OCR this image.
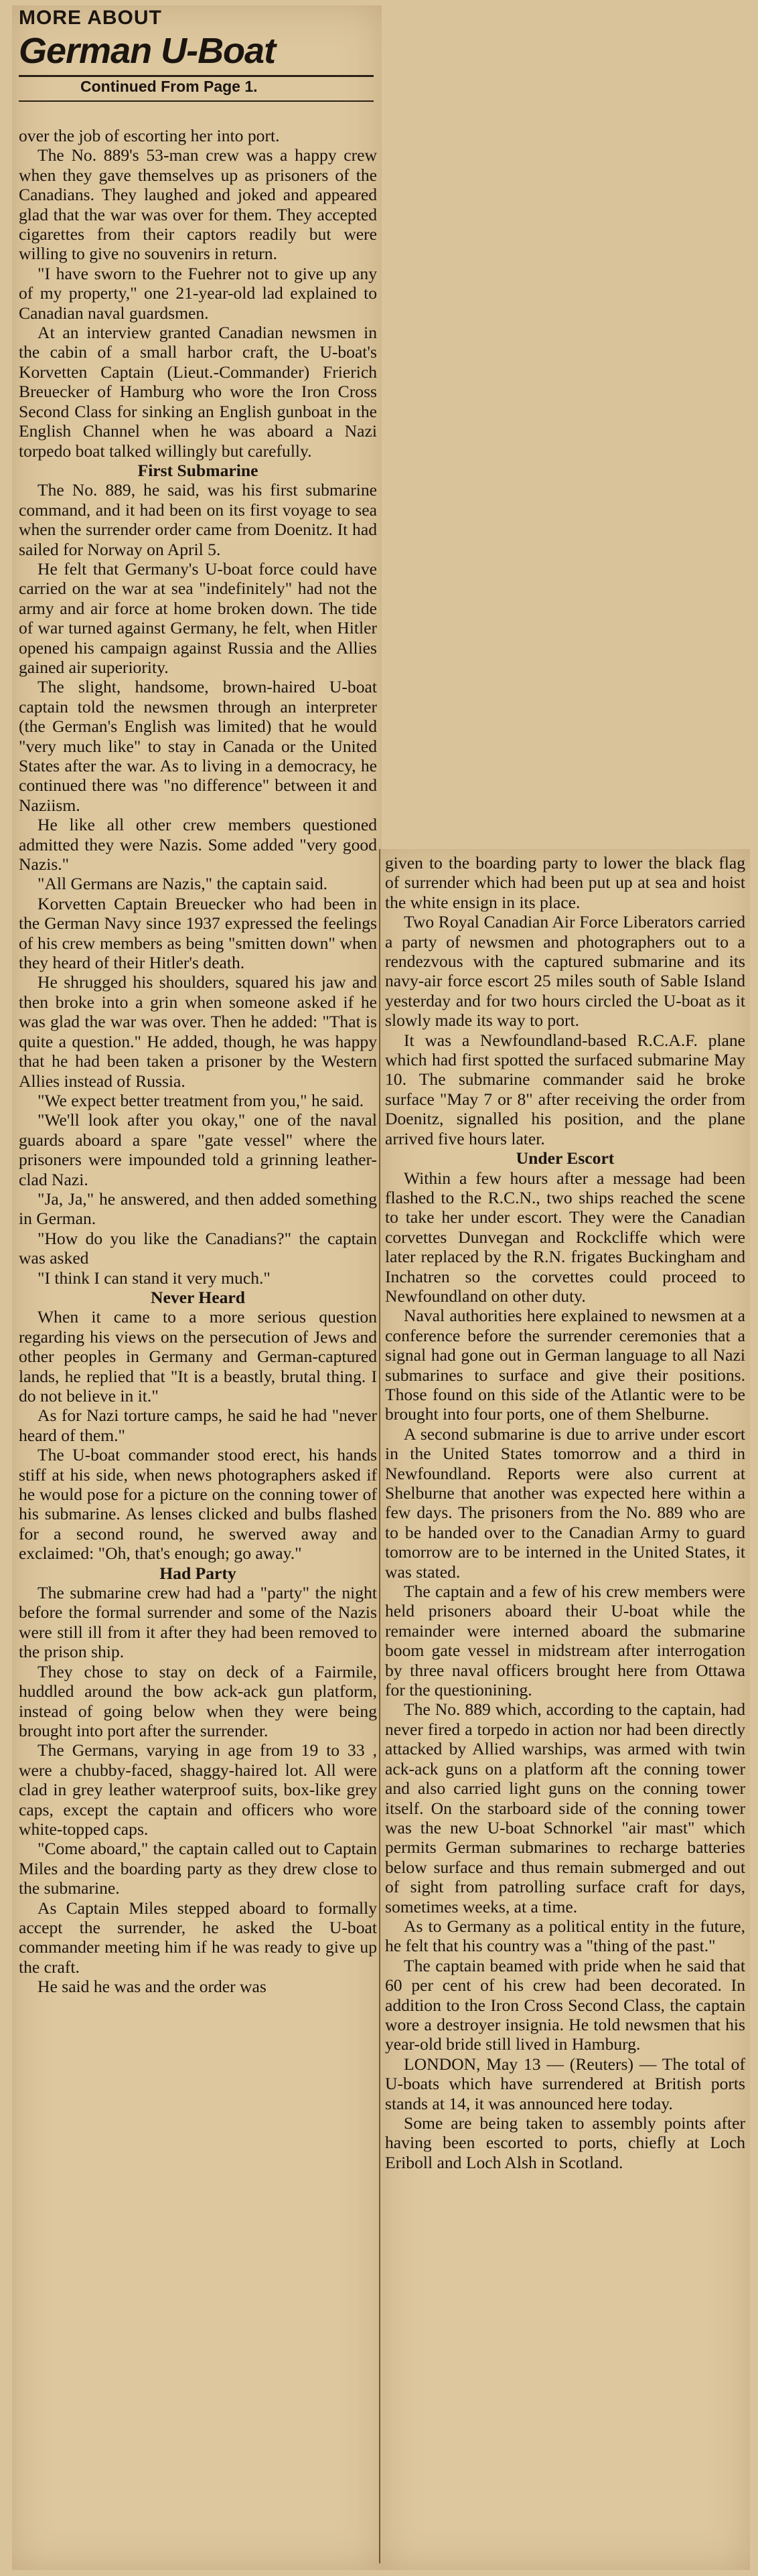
MORE ABOUT
German U-Boat
Continued From Page 1.
over the job of escorting her into port.
The No. 889's 53-man crew was a happy crew when they gave themselves up as prisoners of the Canadians. They laughed and joked and appeared glad that the war was over for them. They accepted cigarettes from their captors readily but were willing to give no souvenirs in return.
"I have sworn to the Fuehrer not to give up any of my property," one 21-year-old lad explained to Canadian naval guardsmen.
At an interview granted Canadian newsmen in the cabin of a small harbor craft, the U-boat's Korvetten Captain (Lieut.-Commander) Frierich Breuecker of Hamburg who wore the Iron Cross Second Class for sinking an English gunboat in the English Channel when he was aboard a Nazi torpedo boat talked willingly but carefully.
First Submarine
The No. 889, he said, was his first submarine command, and it had been on its first voyage to sea when the surrender order came from Doenitz. It had sailed for Norway on April 5.
He felt that Germany's U-boat force could have carried on the war at sea "indefinitely" had not the army and air force at home broken down. The tide of war turned against Germany, he felt, when Hitler opened his campaign against Russia and the Allies gained air superiority.
The slight, handsome, brown-haired U-boat captain told the newsmen through an interpreter (the German's English was limited) that he would "very much like" to stay in Canada or the United States after the war. As to living in a democracy, he continued there was "no difference" between it and Naziism.
He like all other crew members questioned admitted they were Nazis. Some added "very good Nazis."
"All Germans are Nazis," the captain said.
Korvetten Captain Breuecker who had been in the German Navy since 1937 expressed the feelings of his crew members as being "smitten down" when they heard of their Hitler's death.
He shrugged his shoulders, squared his jaw and then broke into a grin when someone asked if he was glad the war was over. Then he added: "That is quite a question." He added, though, he was happy that he had been taken a prisoner by the Western Allies instead of Russia.
"We expect better treatment from you," he said.
"We'll look after you okay," one of the naval guards aboard a spare "gate vessel" where the prisoners were impounded told a grinning leather-clad Nazi.
"Ja, Ja," he answered, and then added something in German.
"How do you like the Canadians?" the captain was asked
"I think I can stand it very much."
Never Heard
When it came to a more serious question regarding his views on the persecution of Jews and other peoples in Germany and German-captured lands, he replied that "It is a beastly, brutal thing. I do not believe in it."
As for Nazi torture camps, he said he had "never heard of them."
The U-boat commander stood erect, his hands stiff at his side, when news photographers asked if he would pose for a picture on the conning tower of his submarine. As lenses clicked and bulbs flashed for a second round, he swerved away and exclaimed: "Oh, that's enough; go away."
Had Party
The submarine crew had had a "party" the night before the formal surrender and some of the Nazis were still ill from it after they had been removed to the prison ship.
They chose to stay on deck of a Fairmile, huddled around the bow ack-ack gun platform, instead of going below when they were being brought into port after the surrender.
The Germans, varying in age from 19 to 33 , were a chubby-faced, shaggy-haired lot. All were clad in grey leather waterproof suits, box-like grey caps, except the captain and officers who wore white-topped caps.
"Come aboard," the captain called out to Captain Miles and the boarding party as they drew close to the submarine.
As Captain Miles stepped aboard to formally accept the surrender, he asked the U-boat commander meeting him if he was ready to give up the craft.
He said he was and the order was
given to the boarding party to lower the black flag of surrender which had been put up at sea and hoist the white ensign in its place.
Two Royal Canadian Air Force Liberators carried a party of newsmen and photographers out to a rendezvous with the captured submarine and its navy-air force escort 25 miles south of Sable Island yesterday and for two hours circled the U-boat as it slowly made its way to port.
It was a Newfoundland-based R.C.A.F. plane which had first spotted the surfaced submarine May 10. The submarine commander said he broke surface "May 7 or 8" after receiving the order from Doenitz, signalled his position, and the plane arrived five hours later.
Under Escort
Within a few hours after a message had been flashed to the R.C.N., two ships reached the scene to take her under escort. They were the Canadian corvettes Dunvegan and Rockcliffe which were later replaced by the R.N. frigates Buckingham and Inchatren so the corvettes could proceed to Newfoundland on other duty.
Naval authorities here explained to newsmen at a conference before the surrender ceremonies that a signal had gone out in German language to all Nazi submarines to surface and give their positions. Those found on this side of the Atlantic were to be brought into four ports, one of them Shelburne.
A second submarine is due to arrive under escort in the United States tomorrow and a third in Newfoundland. Reports were also current at Shelburne that another was expected here within a few days. The prisoners from the No. 889 who are to be handed over to the Canadian Army to guard tomorrow are to be interned in the United States, it was stated.
The captain and a few of his crew members were held prisoners aboard their U-boat while the remainder were interned aboard the submarine boom gate vessel in midstream after interrogation by three naval officers brought here from Ottawa for the questionining.
The No. 889 which, according to the captain, had never fired a torpedo in action nor had been directly attacked by Allied warships, was armed with twin ack-ack guns on a platform aft the conning tower and also carried light guns on the conning tower itself. On the starboard side of the conning tower was the new U-boat Schnorkel "air mast" which permits German submarines to recharge batteries below surface and thus remain submerged and out of sight from patrolling surface craft for days, sometimes weeks, at a time.
As to Germany as a political entity in the future, he felt that his country was a "thing of the past."
The captain beamed with pride when he said that 60 per cent of his crew had been decorated. In addition to the Iron Cross Second Class, the captain wore a destroyer insignia. He told newsmen that his year-old bride still lived in Hamburg.
LONDON, May 13 — (Reuters) — The total of U-boats which have surrendered at British ports stands at 14, it was announced here today.
Some are being taken to assembly points after having been escorted to ports, chiefly at Loch Eriboll and Loch Alsh in Scotland.
